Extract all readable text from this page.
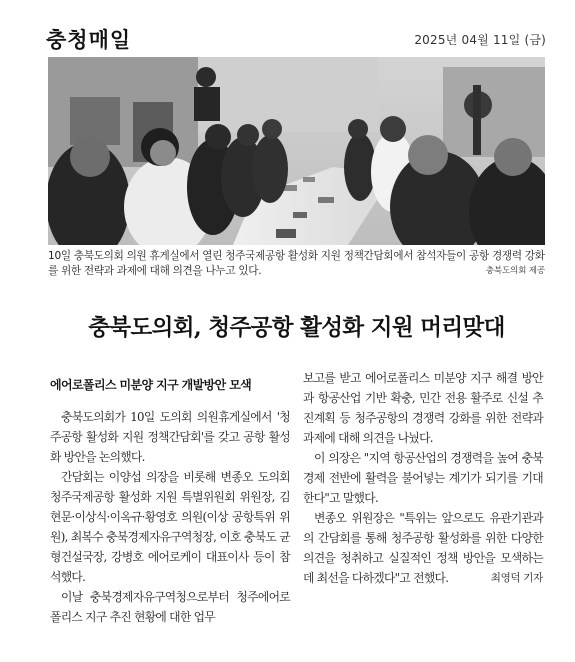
충청매일	2025년 04월 11일 (금)
10일 충북도의회 의원 휴게실에서 열린 청주국제공항 활성화 지원 정책간담회에서 참석자들이 공항 경쟁력 강화를 위한 전략과 과제에 대해 의견을 나누고 있다.	충북도의회 제공
충북도의회, 청주공항 활성화 지원 머리맞대
에어로폴리스 미분양 지구 개발방안 모색

충북도의회가 10일 도의회 의원휴게실에서 '청주공항 활성화 지원 정책간담회'를 갖고 공항 활성화 방안을 논의했다.

간담회는 이양섭 의장을 비롯해 변종오 도의회 청주국제공항 활성화 지원 특별위원회 위원장, 김현문·이상식·이옥규·황영호 의원(이상 공항특위 위원), 최복수 충북경제자유구역청장, 이호 충북도 균형건설국장, 강병호 에어로케이 대표이사 등이 참석했다.

이날 충북경제자유구역청으로부터 청주에어로폴리스 지구 추진 현황에 대한 업무

보고를 받고 에어로폴리스 미분양 지구 해결 방안과 항공산업 기반 확충, 민간 전용 활주로 신설 추진계획 등 청주공항의 경쟁력 강화를 위한 전략과 과제에 대해 의견을 나눴다.

이 의장은 "지역 항공산업의 경쟁력을 높여 충북 경제 전반에 활력을 불어넣는 계기가 되기를 기대한다"고 말했다.

변종오 위원장은 "특위는 앞으로도 유관기관과의 간담회를 통해 청주공항 활성화를 위한 다양한 의견을 청취하고 실질적인 정책 방안을 모색하는 데 최선을 다하겠다"고 전했다.	최영덕 기자
